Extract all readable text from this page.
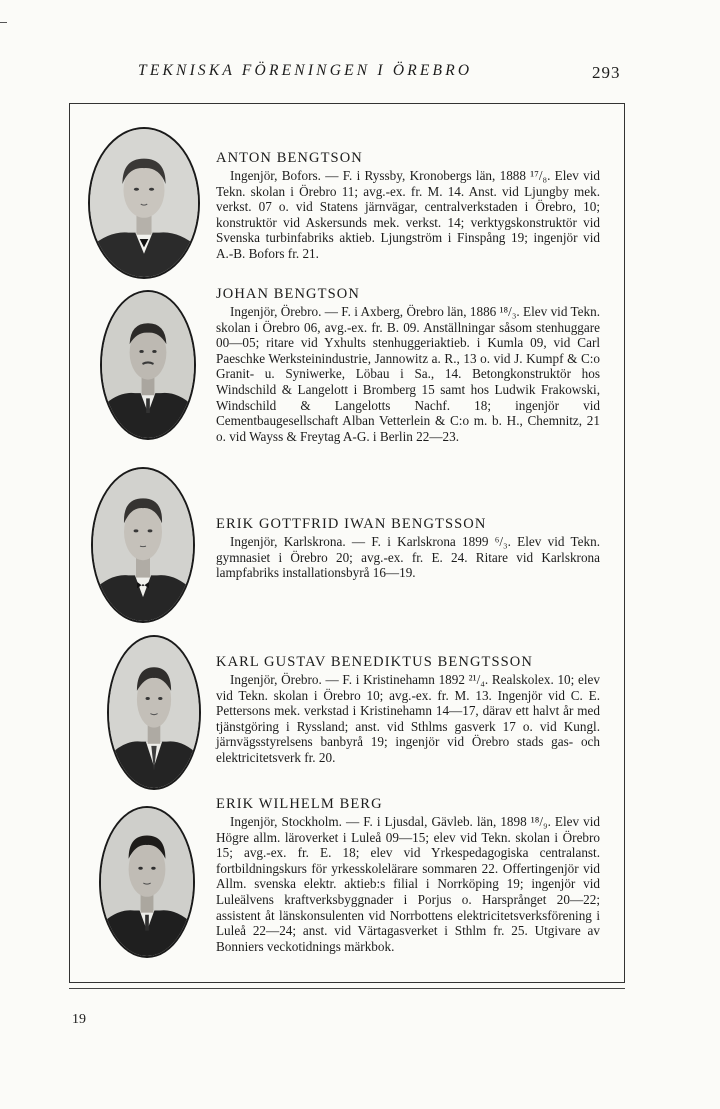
TEKNISKA FÖRENINGEN I ÖREBRO	293
ANTON BENGTSON

Ingenjör, Bofors. — F. i Ryssby, Kronobergs län, 1888 ¹⁷/₈. Elev vid Tekn. skolan i Örebro 11; avg.-ex. fr. M. 14. Anst. vid Ljungby mek. verkst. 07 o. vid Statens järnvägar, centralverkstaden i Örebro, 10; konstruktör vid Askersunds mek. verkst. 14; verktygskonstruktör vid Svenska turbinfabriks aktieb. Ljungström i Finspång 19; ingenjör vid A.-B. Bofors fr. 21.

JOHAN BENGTSON

Ingenjör, Örebro. — F. i Axberg, Örebro län, 1886 ¹⁸/₃. Elev vid Tekn. skolan i Örebro 06, avg.-ex. fr. B. 09. Anställningar såsom stenhuggare 00—05; ritare vid Yxhults stenhuggeriaktieb. i Kumla 09, vid Carl Paeschke Werksteinindustrie, Jannowitz a. R., 13 o. vid J. Kumpf & C:o Granit- u. Syniwerke, Löbau i Sa., 14. Betongkonstruktör hos Windschild & Langelott i Bromberg 15 samt hos Ludwik Frakowski, Windschild & Langelotts Nachf. 18; ingenjör vid Cementbaugesellschaft Alban Vetterlein & C:o m. b. H., Chemnitz, 21 o. vid Wayss & Freytag A-G. i Berlin 22—23.

ERIK GOTTFRID IWAN BENGTSSON

Ingenjör, Karlskrona. — F. i Karlskrona 1899 ⁶/₃. Elev vid Tekn. gymnasiet i Örebro 20; avg.-ex. fr. E. 24. Ritare vid Karlskrona lampfabriks installationsbyrå 16—19.

KARL GUSTAV BENEDIKTUS BENGTSSON

Ingenjör, Örebro. — F. i Kristinehamn 1892 ²¹/₄. Realskolex. 10; elev vid Tekn. skolan i Örebro 10; avg.-ex. fr. M. 13. Ingenjör vid C. E. Pettersons mek. verkstad i Kristinehamn 14—17, därav ett halvt år med tjänstgöring i Ryssland; anst. vid Sthlms gasverk 17 o. vid Kungl. järnvägsstyrelsens banbyrå 19; ingenjör vid Örebro stads gas- och elektricitetsverk fr. 20.

ERIK WILHELM BERG

Ingenjör, Stockholm. — F. i Ljusdal, Gävleb. län, 1898 ¹⁸/₉. Elev vid Högre allm. läroverket i Luleå 09—15; elev vid Tekn. skolan i Örebro 15; avg.-ex. fr. E. 18; elev vid Yrkespedagogiska centralanst. fortbildningskurs för yrkesskolelärare sommaren 22. Offertingenjör vid Allm. svenska elektr. aktieb:s filial i Norrköping 19; ingenjör vid Luleälvens kraftverksbyggnader i Porjus o. Harsprånget 20—22; assistent åt länskonsulenten vid Norrbottens elektricitetsverksförening i Luleå 22—24; anst. vid Värtagasverket i Sthlm fr. 25. Utgivare av Bonniers veckotidnings märkbok.

19
